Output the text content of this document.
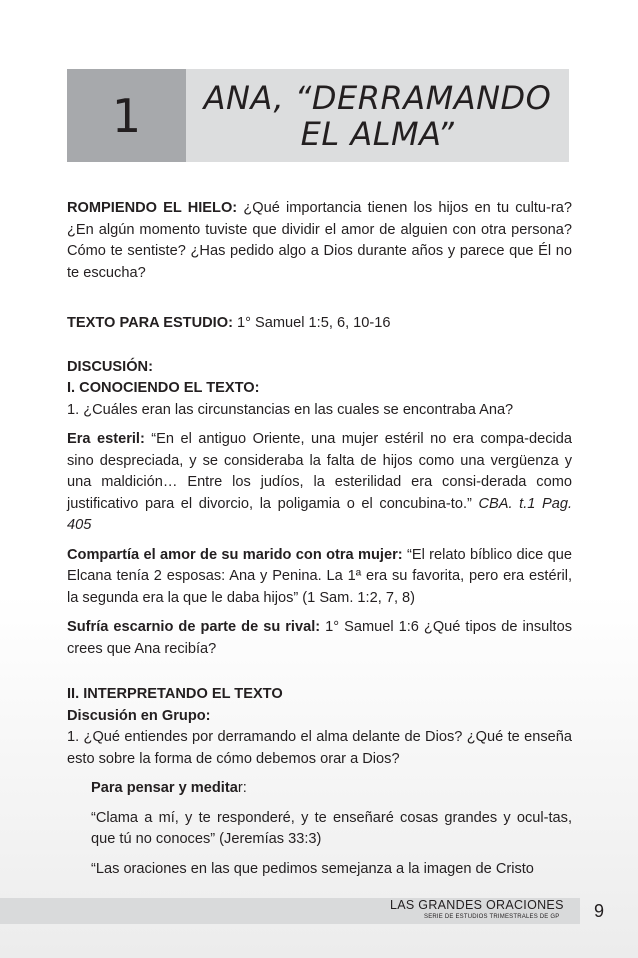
1 ANA, “DERRAMANDO
EL ALMA”

ROMPIENDO EL HIELO: ¿Qué importancia tienen los hijos en tu cultu-ra? ¿En algún momento tuviste que dividir el amor de alguien con otra persona? Cómo te sentiste? ¿Has pedido algo a Dios durante años y parece que Él no te escucha?

TEXTO PARA ESTUDIO: 1° Samuel 1:5, 6, 10-16

DISCUSIÓN:

I. CONOCIENDO EL TEXTO:

1. ¿Cuáles eran las circunstancias en las cuales se encontraba Ana?

Era esteril: “En el antiguo Oriente, una mujer estéril no era compa-decida sino despreciada, y se consideraba la falta de hijos como una vergüenza y una maldición… Entre los judíos, la esterilidad era consi-derada como justificativo para el divorcio, la poligamia o el concubina-to.” CBA. t.1 Pag. 405

Compartía el amor de su marido con otra mujer: “El relato bíblico dice que Elcana tenía 2 esposas: Ana y Penina. La 1ª era su favorita, pero era estéril, la segunda era la que le daba hijos” (1 Sam. 1:2, 7, 8)

Sufría escarnio de parte de su rival: 1° Samuel 1:6 ¿Qué tipos de insultos crees que Ana recibía?

II. INTERPRETANDO EL TEXTO

Discusión en Grupo:

1. ¿Qué entiendes por derramando el alma delante de Dios? ¿Qué te enseña esto sobre la forma de cómo debemos orar a Dios?

Para pensar y meditar:

“Clama a mí, y te responderé, y te enseñaré cosas grandes y ocul-tas, que tú no conoces” (Jeremías 33:3)

“Las oraciones en las que pedimos semejanza a la imagen de Cristo

LAS GRANDES ORACIONES
SERIE DE ESTUDIOS TRIMESTRALES DE GP 9
